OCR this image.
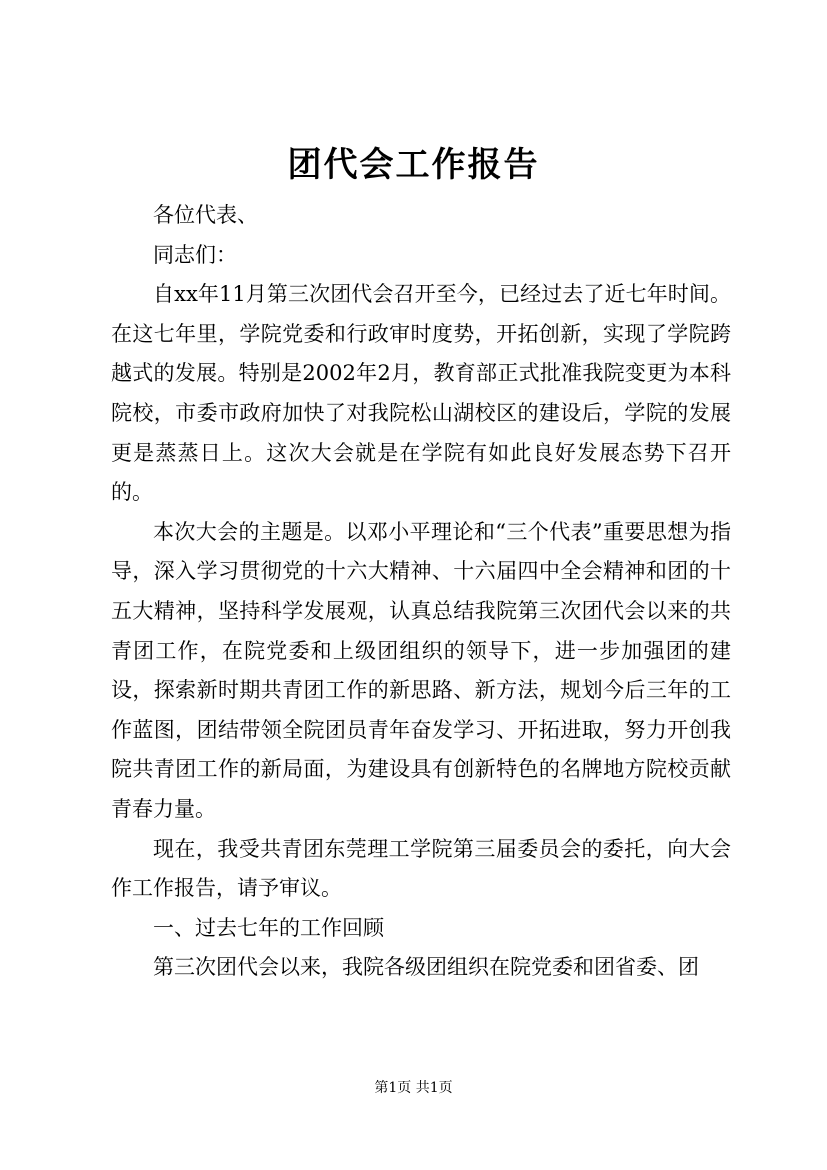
团代会工作报告

各位代表、

同志们：

自xx年11月第三次团代会召开至今，已经过去了近七年时间。在这七年里，学院党委和行政审时度势，开拓创新，实现了学院跨越式的发展。特别是2002年2月，教育部正式批准我院变更为本科院校，市委市政府加快了对我院松山湖校区的建设后，学院的发展更是蒸蒸日上。这次大会就是在学院有如此良好发展态势下召开的。

本次大会的主题是。以邓小平理论和“三个代表”重要思想为指导，深入学习贯彻党的十六大精神、十六届四中全会精神和团的十五大精神，坚持科学发展观，认真总结我院第三次团代会以来的共青团工作，在院党委和上级团组织的领导下，进一步加强团的建设，探索新时期共青团工作的新思路、新方法，规划今后三年的工作蓝图，团结带领全院团员青年奋发学习、开拓进取，努力开创我院共青团工作的新局面，为建设具有创新特色的名牌地方院校贡献青春力量。

现在，我受共青团东莞理工学院第三届委员会的委托，向大会作工作报告，请予审议。

一、过去七年的工作回顾

第三次团代会以来，我院各级团组织在院党委和团省委、团

第1页 共1页
